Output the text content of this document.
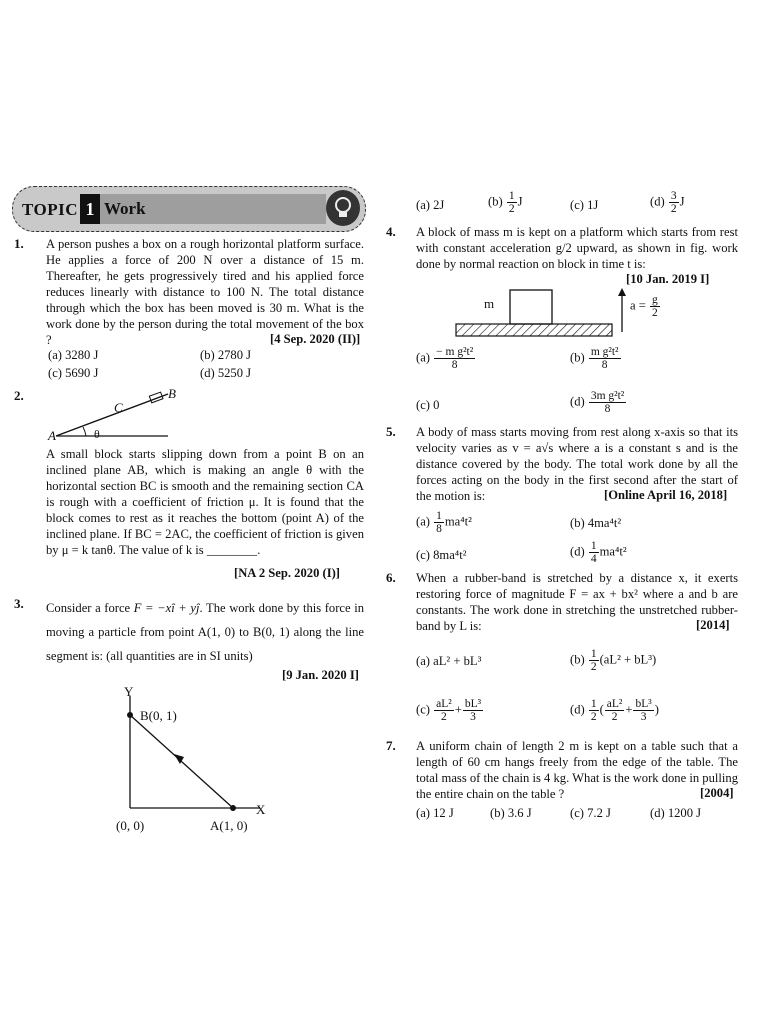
TOPIC 1 Work
1. A person pushes a box on a rough horizontal platform surface. He applies a force of 200 N over a distance of 15 m. Thereafter, he gets progressively tired and his applied force reduces linearly with distance to 100 N. The total distance through which the box has been moved is 30 m. What is the work done by the person during the total movement of the box ?	[4 Sep. 2020 (II)]
(a) 3280 J	(b) 2780 J
(c) 5690 J	(d) 5250 J
2.
A
B
C
θ
A small block starts slipping down from a point B on an inclined plane AB, which is making an angle θ with the horizontal section BC is smooth and the remaining section CA is rough with a coefficient of friction μ. It is found that the block comes to rest as it reaches the bottom (point A) of the inclined plane. If BC = 2AC, the coefficient of friction is given by μ = k tanθ. The value of k is ________.
[NA 2 Sep. 2020 (I)]
3. Consider a force F = −xî + yĵ. The work done by this force in moving a particle from point A(1, 0) to B(0, 1) along the line segment is: (all quantities are in SI units)
[9 Jan. 2020 I]
Y
X
B(0, 1)
(0, 0)	A(1, 0)
(a) 2J	$(b) \frac{1}{2}$ J	(c) 1J	$(d) \frac{3}{2}$ J
4. A block of mass m is kept on a platform which starts from rest with constant acceleration g/2 upward, as shown in fig. work done by normal reaction on block in time t is:
[10 Jan. 2019 I]
m	$a = \frac{g}{2}$
$(a) \frac{\text{− m g²t²}}{8}$	$(b) \frac{\text{m g²t²}}{8}$
(c) 0	$(d) \frac{\text{3m g²t²}}{8}$
5. A body of mass starts moving from rest along x-axis so that its velocity varies as v = a√s where a is a constant s and is the distance covered by the body. The total work done by all the forces acting on the body in the first second after the start of the motion is:	[Online April 16, 2018]
$(a) \frac{1}{8} ma^4t^2$	(b) 4ma⁴t²
(c) 8ma⁴t²	$(d) \frac{1}{4} ma^4t^2$
6. When a rubber-band is stretched by a distance x, it exerts restoring force of magnitude F = ax + bx² where a and b are constants. The work done in stretching the unstretched rubber-band by L is:	[2014]
(a) aL² + bL³	$(b) \frac{1}{2} (aL^2 + bL^3)$
$(c) \frac{\text{aL²}}{2} + \frac{\text{bL³}}{3}$	$(d) \frac{1}{2}$ ( $\frac{\text{aL²}}{2} + \frac{\text{bL³}}{3}$ )
7. A uniform chain of length 2 m is kept on a table such that a length of 60 cm hangs freely from the edge of the table. The total mass of the chain is 4 kg. What is the work done in pulling the entire chain on the table ?	[2004]
(a) 12 J	(b) 3.6 J	(c) 7.2 J	(d) 1200 J
